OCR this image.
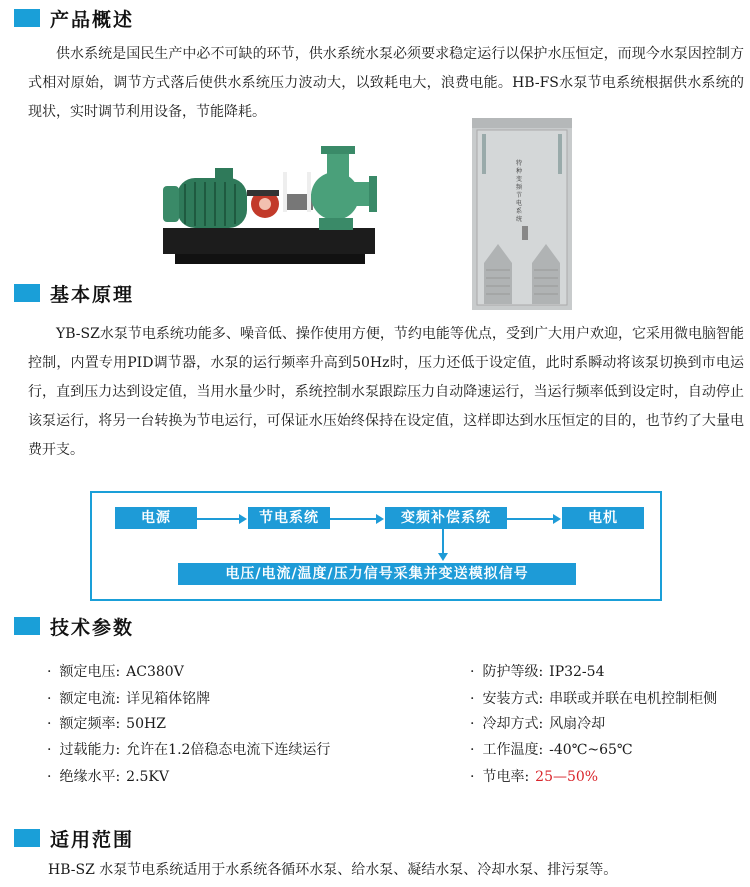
产品概述

供水系统是国民生产中必不可缺的环节，供水系统水泵必须要求稳定运行以保护水压恒定，而现今水泵因控制方式相对原始，调节方式落后使供水系统压力波动大，以致耗电大，浪费电能。HB-FS水泵节电系统根据供水系统的现状，实时调节利用设备，节能降耗。

特种变频节电系统
基本原理

YB-SZ水泵节电系统功能多、噪音低、操作使用方便，节约电能等优点，受到广大用户欢迎，它采用微电脑智能控制，内置专用PID调节器，水泵的运行频率升高到50Hz时，压力还低于设定值，此时系瞬动将该泵切换到市电运行，直到压力达到设定值，当用水量少时，系统控制水泵跟踪压力自动降速运行，当运行频率低到设定时，自动停止该泵运行，将另一台转换为节电运行，可保证水压始终保持在设定值，这样即达到水压恒定的目的，也节约了大量电费开支。

电源	节电系统	变频补偿系统	电机
电压/电流/温度/压力信号采集并变送模拟信号
技术参数
· 额定电压: AC380V
· 额定电流: 详见箱体铭牌
· 额定频率: 50HZ
· 过载能力: 允许在1.2倍稳态电流下连续运行
· 绝缘水平: 2.5KV
· 防护等级: IP32-54
· 安装方式: 串联或并联在电机控制柜侧
· 冷却方式: 风扇冷却
· 工作温度: -40℃~65℃
· 节电率: 25—50%
适用范围

HB-SZ 水泵节电系统适用于水系统各循环水泵、给水泵、凝结水泵、冷却水泵、排污泵等。
